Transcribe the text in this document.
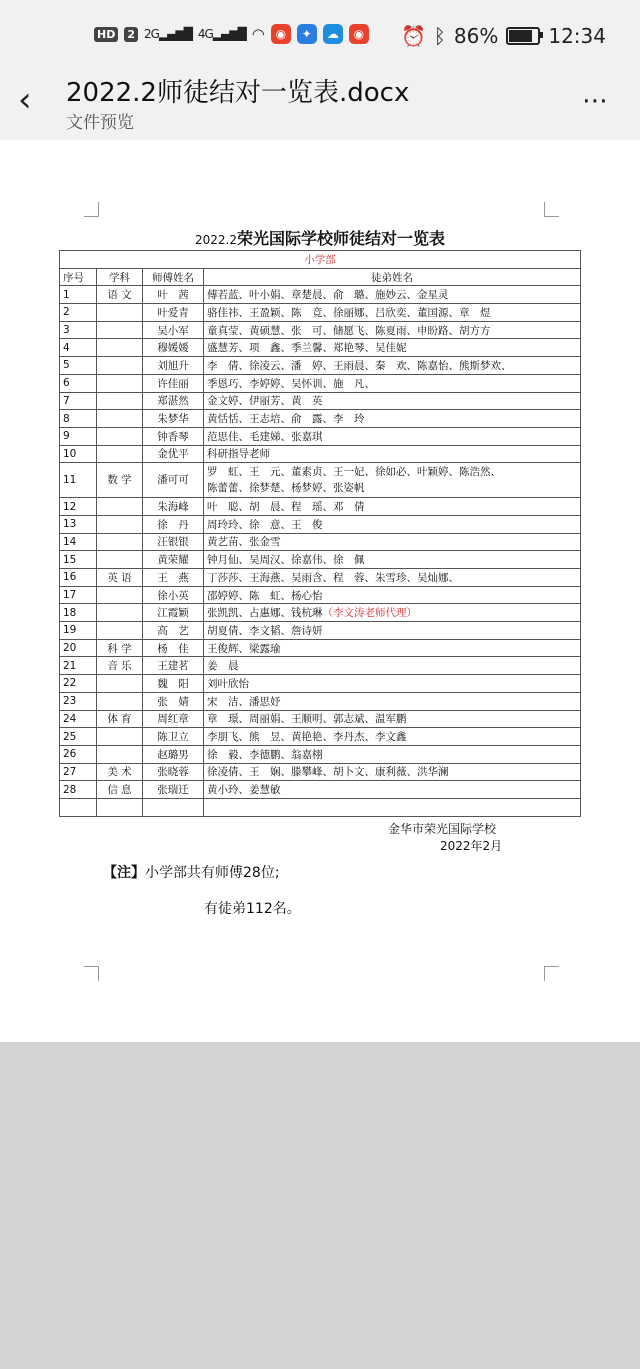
HD 2 2G▂▄▆█ 4G▂▄▆█ ◠ ◉	✦	☁	◉ ⏰ ᛒ 86%	12:34
‹ 2022.2师徒结对一览表.docx
文件预览
⋯
2022.2荣光国际学校师徒结对一览表
小学部			
序号	学科	师傅姓名	徒弟姓名
1	语 文	叶　茜	傅若蓝、叶小娟、章楚晨、俞　璐、施妙云、金星灵
2		叶爱青	骆佳祎、王盈颖、陈　竞、徐丽娜、吕欣奕、董国源、章　煜
3		吴小军	童真莹、黄硕慧、张　可、储愿飞、陈夏雨、申盼路、胡方方
4		穆媛媛	盛慧芳、项　鑫、季兰馨、郑艳琴、吴佳妮
5		刘旭升	李　倩、徐凌云、潘　婷、王雨晨、秦　欢、陈嘉怡、熊斯梦欢、
6		许佳丽	季恩巧、李婷婷、吴怀训、施　凡、
7		郑湛然	金文婷、伊丽芳、黄　英
8		朱梦华	黄恬恬、王志培、俞　露、李　玲
9		钟香琴	范思佳、毛建娣、张嘉琪
10		金优平	科研指导老师
11	数 学	潘可可	罗　虹、王　元、董素贞、王一妃、徐如必、叶颖婷、陈浩然、
陈蕾蕾、徐梦楚、杨梦婷、张姿帆
12		朱海峰	叶　聪、胡　晨、程　瑶、邓　倩
13		徐　丹	周玲玲、徐　意、王　俊
14		汪银银	黄艺苗、张金雪
15		黄荣耀	钟月仙、吴周汉、徐嘉伟、徐　佩
16	英 语	王　燕	丁莎莎、王海燕、吴雨含、程　蓉、朱雪珍、吴灿娜、
17		徐小英	邵婷婷、陈　虹、杨心怡
18		江霞颖	张凯凯、占惠娜、钱杭琳（李文涛老师代理）
19		高　艺	胡夏倩、李文韬、詹诗妍
20	科 学	杨　佳	王俊辉、梁露瑜
21	音 乐	王建茗	姜　晨
22		魏　阳	刘叶欣怡
23		张　婧	宋　洁、潘思妤
24	体 育	周红章	章　璟、周丽娟、王顺明、郭志斌、温军鹏
25		陈卫立	李朋飞、熊　昱、黄艳艳、李丹杰、李文鑫
26		赵璐男	徐　毅、李德鹏、翁嘉栩
27	美 术	张晓蓉	徐凌倩、王　娴、滕攀峰、胡卜文、康利薇、洪华澜
28	信 息	张瑞迁	黄小玲、姜慧敏

金华市荣光国际学校
2022年2月
【注】小学部共有师傅28位;
有徒弟112名。
